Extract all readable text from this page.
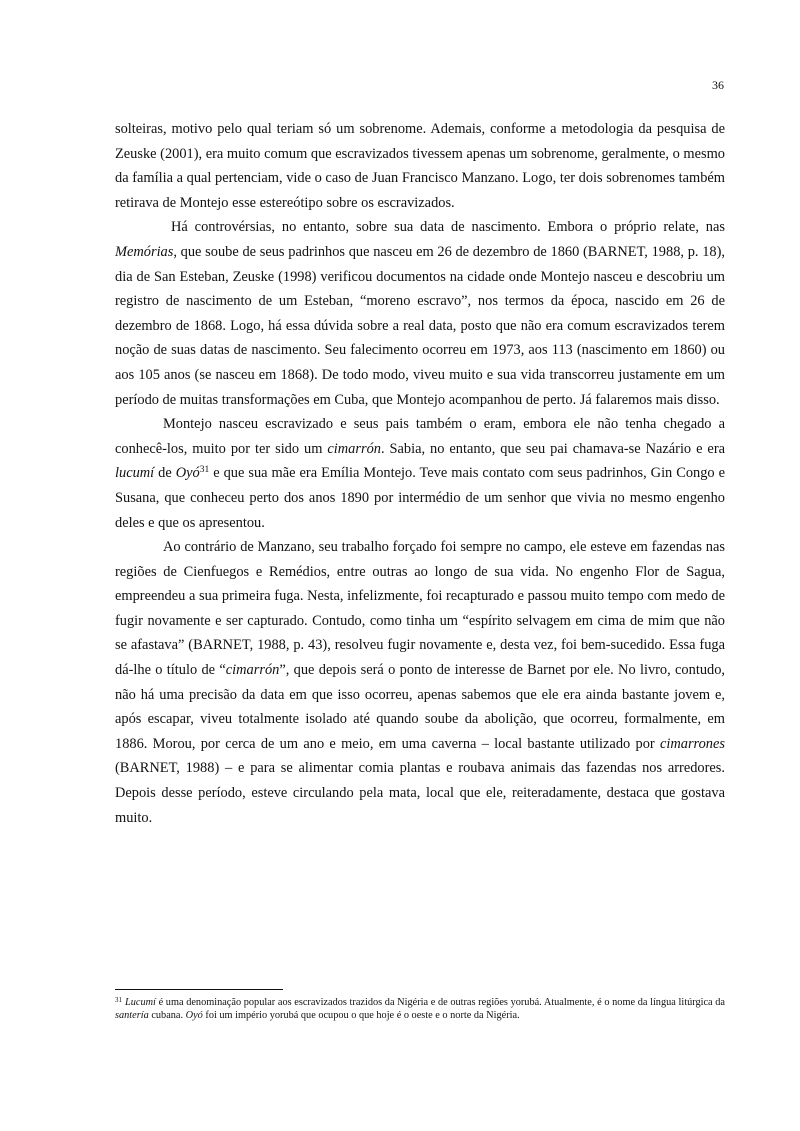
36

solteiras, motivo pelo qual teriam só um sobrenome. Ademais, conforme a metodologia da pesquisa de Zeuske (2001), era muito comum que escravizados tivessem apenas um sobrenome, geralmente, o mesmo da família a qual pertenciam, vide o caso de Juan Francisco Manzano. Logo, ter dois sobrenomes também retirava de Montejo esse estereótipo sobre os escravizados.

Há controvérsias, no entanto, sobre sua data de nascimento. Embora o próprio relate, nas Memórias, que soube de seus padrinhos que nasceu em 26 de dezembro de 1860 (BARNET, 1988, p. 18), dia de San Esteban, Zeuske (1998) verificou documentos na cidade onde Montejo nasceu e descobriu um registro de nascimento de um Esteban, “moreno escravo”, nos termos da época, nascido em 26 de dezembro de 1868. Logo, há essa dúvida sobre a real data, posto que não era comum escravizados terem noção de suas datas de nascimento. Seu falecimento ocorreu em 1973, aos 113 (nascimento em 1860) ou aos 105 anos (se nasceu em 1868). De todo modo, viveu muito e sua vida transcorreu justamente em um período de muitas transformações em Cuba, que Montejo acompanhou de perto. Já falaremos mais disso.

Montejo nasceu escravizado e seus pais também o eram, embora ele não tenha chegado a conhecê-los, muito por ter sido um cimarrón. Sabia, no entanto, que seu pai chamava-se Nazário e era lucumí de Oyó$^{31}$ e que sua mãe era Emília Montejo. Teve mais contato com seus padrinhos, Gin Congo e Susana, que conheceu perto dos anos 1890 por intermédio de um senhor que vivia no mesmo engenho deles e que os apresentou.

Ao contrário de Manzano, seu trabalho forçado foi sempre no campo, ele esteve em fazendas nas regiões de Cienfuegos e Remédios, entre outras ao longo de sua vida. No engenho Flor de Sagua, empreendeu a sua primeira fuga. Nesta, infelizmente, foi recapturado e passou muito tempo com medo de fugir novamente e ser capturado. Contudo, como tinha um “espírito selvagem em cima de mim que não se afastava” (BARNET, 1988, p. 43), resolveu fugir novamente e, desta vez, foi bem-sucedido. Essa fuga dá-lhe o título de “cimarrón”, que depois será o ponto de interesse de Barnet por ele. No livro, contudo, não há uma precisão da data em que isso ocorreu, apenas sabemos que ele era ainda bastante jovem e, após escapar, viveu totalmente isolado até quando soube da abolição, que ocorreu, formalmente, em 1886. Morou, por cerca de um ano e meio, em uma caverna – local bastante utilizado por cimarrones (BARNET, 1988) – e para se alimentar comia plantas e roubava animais das fazendas nos arredores. Depois desse período, esteve circulando pela mata, local que ele, reiteradamente, destaca que gostava muito.

$^{31}$ Lucumí é uma denominação popular aos escravizados trazidos da Nigéria e de outras regiões yorubá. Atualmente, é o nome da língua litúrgica da santería cubana. Oyó foi um império yorubá que ocupou o que hoje é o oeste e o norte da Nigéria.
